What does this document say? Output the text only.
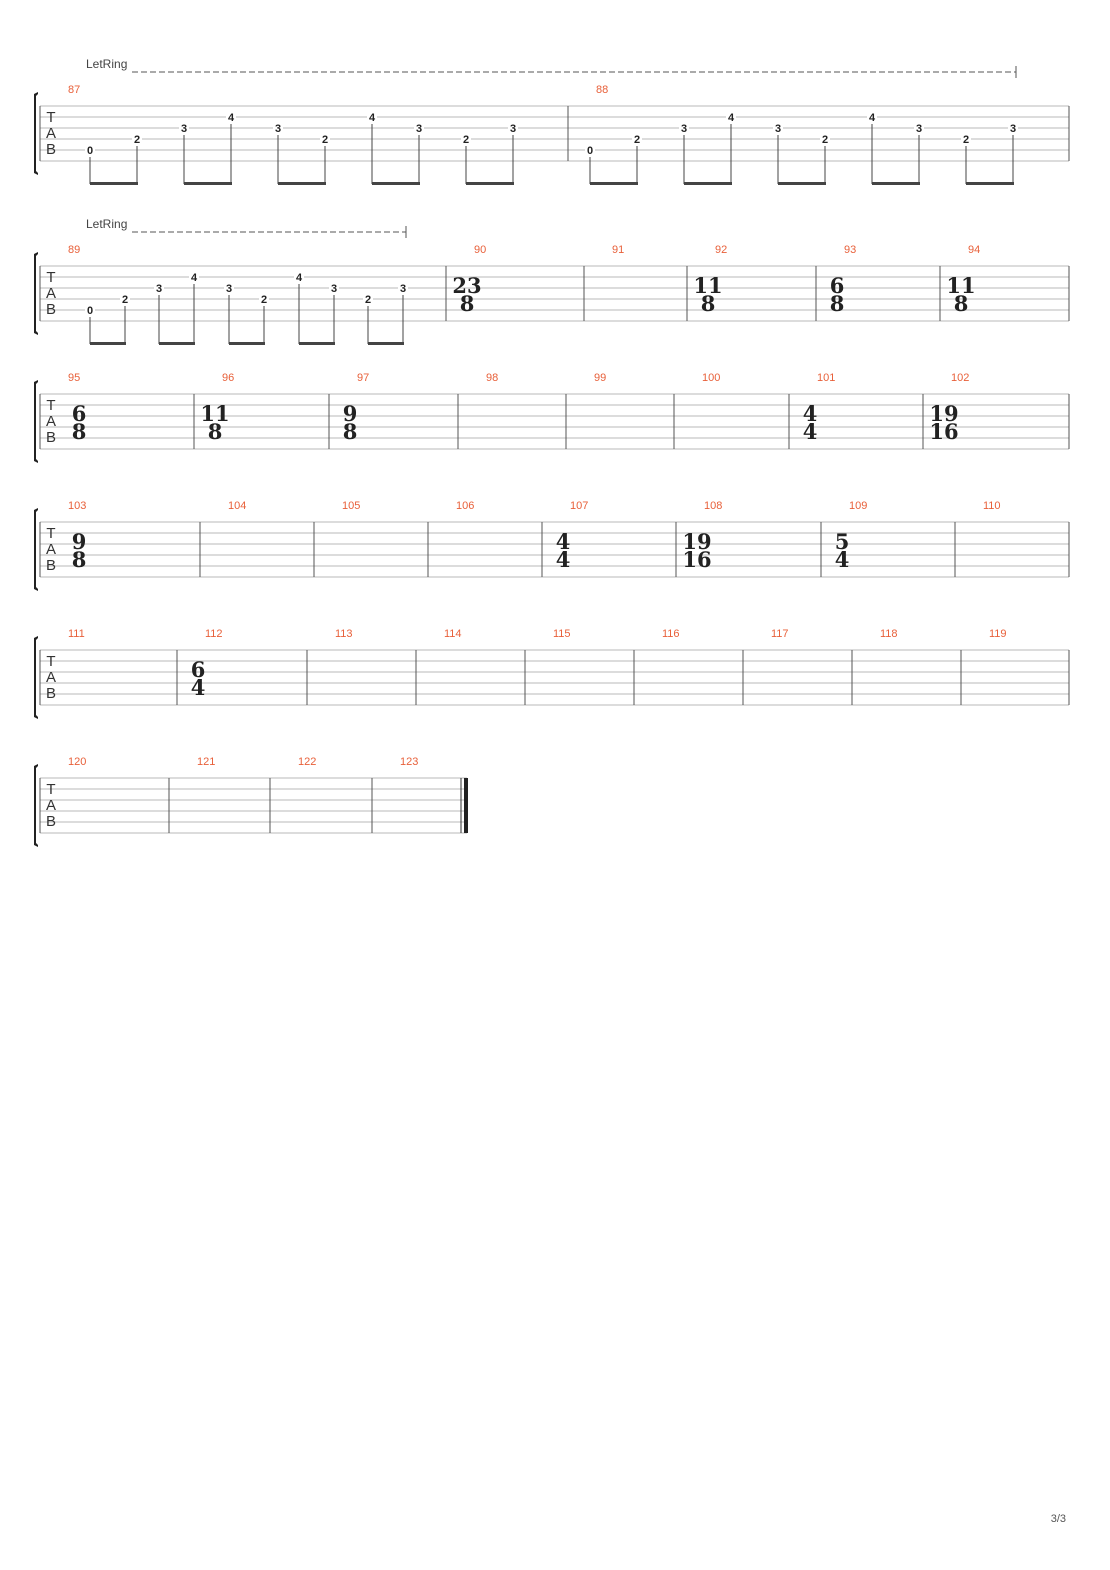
T
A
B
LetRing
87
0
2
3
4
3
2
4
3
2
3
88
0
2
3
4
3
2
4
3
2
3
T
A
B
LetRing
89
0
2
3
4
3
2
4
3
2
3
90
23
8
91	92
11
8
93
6
8
94
11
8
T
A
B
95
6
8
96
11
8
97
9
8
98	99	100	101
4
4
102
19
16
T
A
B
103
9
8
104	105	106	107
4
4
108
19
16
109
5
4
110
T
A
B
111	112
6
4
113	114	115	116	117	118	119
T
A
B
120	121	122	123
3/3
